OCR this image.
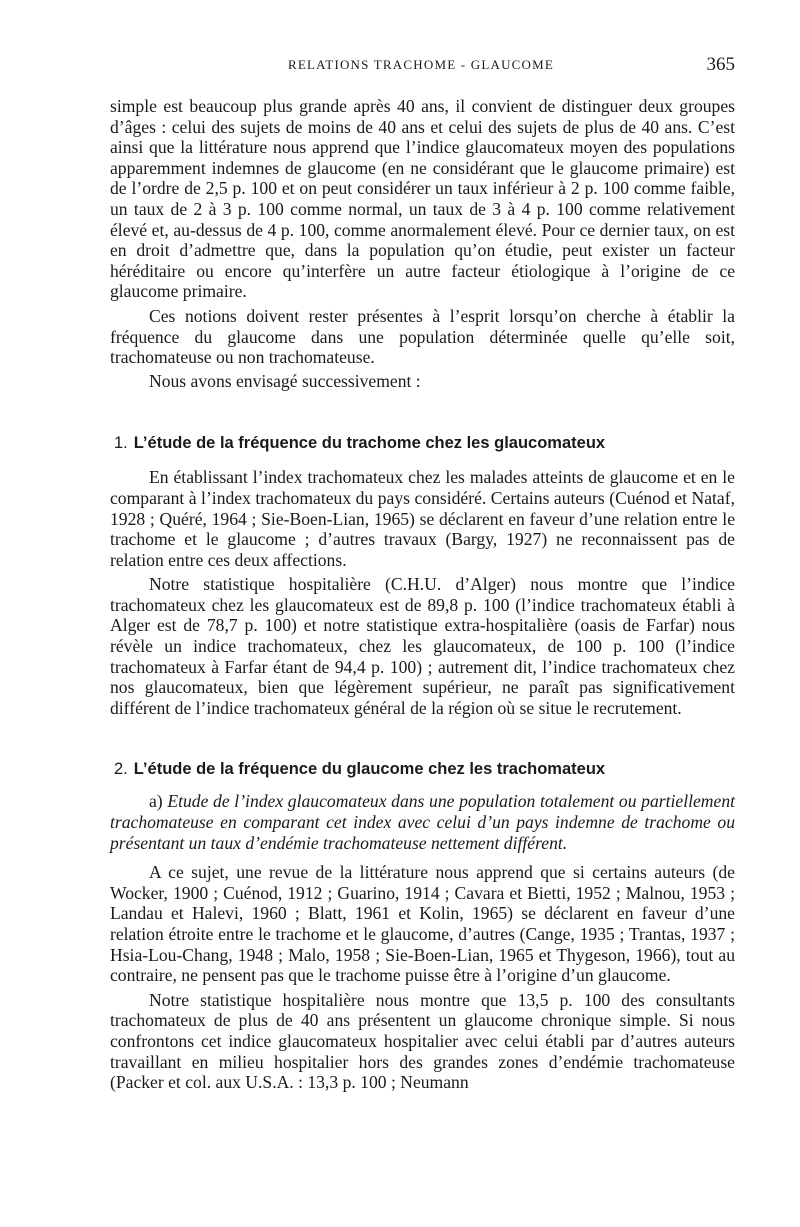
RELATIONS TRACHOME - GLAUCOME	365

simple est beaucoup plus grande après 40 ans, il convient de distinguer deux groupes d’âges : celui des sujets de moins de 40 ans et celui des sujets de plus de 40 ans. C’est ainsi que la littérature nous apprend que l’indice glaucomateux moyen des populations apparemment indemnes de glaucome (en ne considérant que le glaucome primaire) est de l’ordre de 2,5 p. 100 et on peut considérer un taux inférieur à 2 p. 100 comme faible, un taux de 2 à 3 p. 100 comme normal, un taux de 3 à 4 p. 100 comme relativement élevé et, au-dessus de 4 p. 100, comme anormalement élevé. Pour ce dernier taux, on est en droit d’admettre que, dans la population qu’on étudie, peut exister un facteur héréditaire ou encore qu’interfère un autre facteur étiologique à l’origine de ce glaucome primaire.

Ces notions doivent rester présentes à l’esprit lorsqu’on cherche à établir la fréquence du glaucome dans une population déterminée quelle qu’elle soit, trachomateuse ou non trachomateuse.

Nous avons envisagé successivement :

1. L’étude de la fréquence du trachome chez les glaucomateux

En établissant l’index trachomateux chez les malades atteints de glaucome et en le comparant à l’index trachomateux du pays considéré. Certains auteurs (Cuénod et Nataf, 1928 ; Quéré, 1964 ; Sie-Boen-Lian, 1965) se déclarent en faveur d’une relation entre le trachome et le glaucome ; d’autres travaux (Bargy, 1927) ne reconnaissent pas de relation entre ces deux affections.

Notre statistique hospitalière (C.H.U. d’Alger) nous montre que l’indice trachomateux chez les glaucomateux est de 89,8 p. 100 (l’indice trachomateux établi à Alger est de 78,7 p. 100) et notre statistique extra-hospitalière (oasis de Farfar) nous révèle un indice trachomateux, chez les glaucomateux, de 100 p. 100 (l’indice trachomateux à Farfar étant de 94,4 p. 100) ; autrement dit, l’indice trachomateux chez nos glaucomateux, bien que légèrement supérieur, ne paraît pas significativement différent de l’indice trachomateux général de la région où se situe le recrutement.

2. L’étude de la fréquence du glaucome chez les trachomateux

a) Etude de l’index glaucomateux dans une population totalement ou partiellement trachomateuse en comparant cet index avec celui d’un pays indemne de trachome ou présentant un taux d’endémie trachomateuse nettement différent.

A ce sujet, une revue de la littérature nous apprend que si certains auteurs (de Wocker, 1900 ; Cuénod, 1912 ; Guarino, 1914 ; Cavara et Bietti, 1952 ; Malnou, 1953 ; Landau et Halevi, 1960 ; Blatt, 1961 et Kolin, 1965) se déclarent en faveur d’une relation étroite entre le trachome et le glaucome, d’autres (Cange, 1935 ; Trantas, 1937 ; Hsia-Lou-Chang, 1948 ; Malo, 1958 ; Sie-Boen-Lian, 1965 et Thygeson, 1966), tout au contraire, ne pensent pas que le trachome puisse être à l’origine d’un glaucome.

Notre statistique hospitalière nous montre que 13,5 p. 100 des consultants trachomateux de plus de 40 ans présentent un glaucome chronique simple. Si nous confrontons cet indice glaucomateux hospitalier avec celui établi par d’autres auteurs travaillant en milieu hospitalier hors des grandes zones d’endémie trachomateuse (Packer et col. aux U.S.A. : 13,3 p. 100 ; Neumann
